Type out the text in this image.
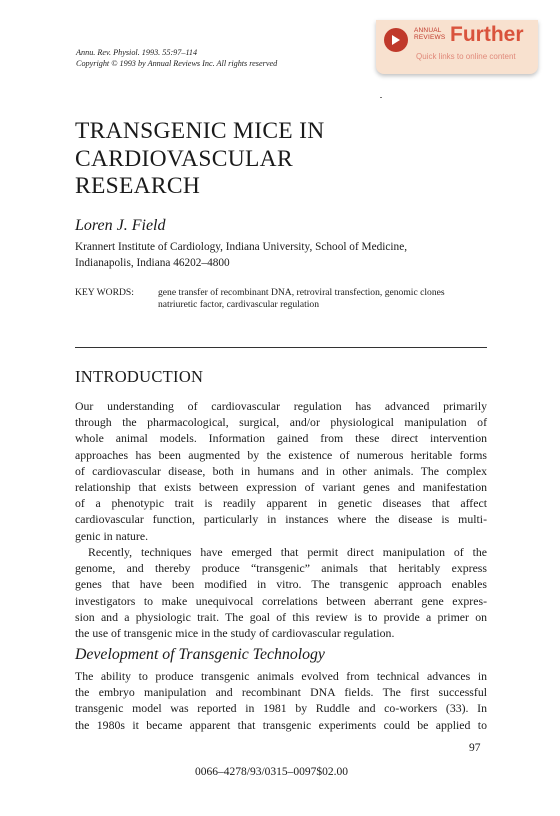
Annu. Rev. Physiol. 1993. 55:97–114
Copyright © 1993 by Annual Reviews Inc. All rights reserved
ANNUAL
REVIEWS Further
Quick links to online content
TRANSGENIC MICE IN
CARDIOVASCULAR
RESEARCH
Loren J. Field
Krannert Institute of Cardiology, Indiana University, School of Medicine,
Indianapolis, Indiana 46202–4800
KEY WORDS:	gene transfer of recombinant DNA, retroviral transfection, genomic clones
natriuretic factor, cardivascular regulation
INTRODUCTION
Our understanding of cardiovascular regulation has advanced primarily
through the pharmacological, surgical, and/or physiological manipulation of
whole animal models. Information gained from these direct intervention
approaches has been augmented by the existence of numerous heritable forms
of cardiovascular disease, both in humans and in other animals. The complex
relationship that exists between expression of variant genes and manifestation
of a phenotypic trait is readily apparent in genetic diseases that affect
cardiovascular function, particularly in instances where the disease is multi-
genic in nature.
Recently, techniques have emerged that permit direct manipulation of the
genome, and thereby produce “transgenic” animals that heritably express
genes that have been modified in vitro. The transgenic approach enables
investigators to make unequivocal correlations between aberrant gene expres-
sion and a physiologic trait. The goal of this review is to provide a primer on
the use of transgenic mice in the study of cardiovascular regulation.
Development of Transgenic Technology
The ability to produce transgenic animals evolved from technical advances in
the embryo manipulation and recombinant DNA fields. The first successful
transgenic model was reported in 1981 by Ruddle and co-workers (33). In
the 1980s it became apparent that transgenic experiments could be applied to
97
0066–4278/93/0315–0097$02.00
